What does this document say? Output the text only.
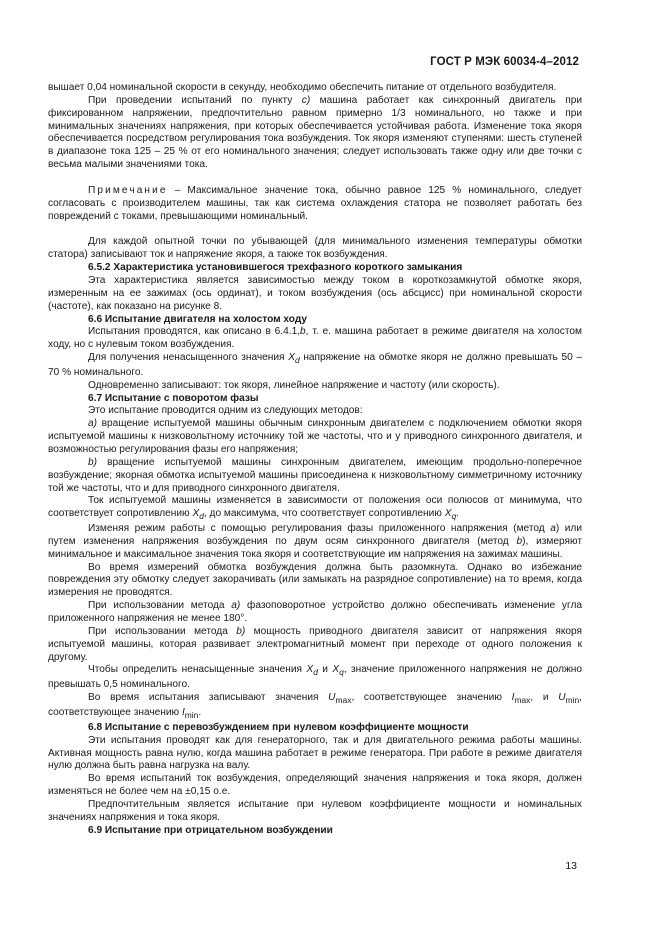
ГОСТ Р МЭК 60034-4–2012

вышает 0,04 номинальной скорости в секунду, необходимо обеспечить питание от отдельного возбудителя.

При проведении испытаний по пункту c) машина работает как синхронный двигатель при фиксированном напряжении, предпочтительно равном примерно 1/3 номинального, но также и при минимальных значениях напряжения, при которых обеспечивается устойчивая работа. Изменение тока якоря обеспечивается посредством регулирования тока возбуждения. Ток якоря изменяют ступенями: шесть ступеней в диапазоне тока 125 – 25 % от его номинального значения; следует использовать также одну или две точки с весьма малыми значениями тока.

Примечание – Максимальное значение тока, обычно равное 125 % номинального, следует согласовать с производителем машины, так как система охлаждения статора не позволяет работать без повреждений с токами, превышающими номинальный.

Для каждой опытной точки по убывающей (для минимального изменения температуры обмотки статора) записывают ток и напряжение якоря, а также ток возбуждения.

6.5.2 Характеристика установившегося трехфазного короткого замыкания

Эта характеристика является зависимостью между током в короткозамкнутой обмотке якоря, измеренным на ее зажимах (ось ординат), и током возбуждения (ось абсцисс) при номинальной скорости (частоте), как показано на рисунке 8.

6.6 Испытание двигателя на холостом ходу

Испытания проводятся, как описано в 6.4.1,b, т. е. машина работает в режиме двигателя на холостом ходу, но с нулевым током возбуждения.

Для получения ненасыщенного значения $X_d$ напряжение на обмотке якоря не должно превышать 50 – 70 % номинального.

Одновременно записывают: ток якоря, линейное напряжение и частоту (или скорость).

6.7 Испытание с поворотом фазы

Это испытание проводится одним из следующих методов:

a) вращение испытуемой машины обычным синхронным двигателем с подключением обмотки якоря испытуемой машины к низковольтному источнику той же частоты, что и у приводного синхронного двигателя, и возможностью регулирования фазы его напряжения;

b) вращение испытуемой машины синхронным двигателем, имеющим продольно-поперечное возбуждение; якорная обмотка испытуемой машины присоединена к низковольтному симметричному источнику той же частоты, что и для приводного синхронного двигателя.

Ток испытуемой машины изменяется в зависимости от положения оси полюсов от минимума, что соответствует сопротивлению $X_d$, до максимума, что соответствует сопротивлению $X_q$.

Изменяя режим работы с помощью регулирования фазы приложенного напряжения (метод a) или путем изменения напряжения возбуждения по двум осям синхронного двигателя (метод b), измеряют минимальное и максимальное значения тока якоря и соответствующие им напряжения на зажимах машины.

Во время измерений обмотка возбуждения должна быть разомкнута. Однако во избежание повреждения эту обмотку следует закорачивать (или замыкать на разрядное сопротивление) на то время, когда измерения не проводятся.

При использовании метода a) фазоповоротное устройство должно обеспечивать изменение угла приложенного напряжения не менее 180°.

При использовании метода b) мощность приводного двигателя зависит от напряжения якоря испытуемой машины, которая развивает электромагнитный момент при переходе от одного положения к другому.

Чтобы определить ненасыщенные значения $X_d$ и $X_q$, значение приложенного напряжения не должно превышать 0,5 номинального.

Во время испытания записывают значения $U_{max}$, соответствующее значению $I_{max}$, и $U_{min}$, соответствующее значению $I_{min}$.

6.8 Испытание с перевозбуждением при нулевом коэффициенте мощности

Эти испытания проводят как для генераторного, так и для двигательного режима работы машины. Активная мощность равна нулю, когда машина работает в режиме генератора. При работе в режиме двигателя нулю должна быть равна нагрузка на валу.

Во время испытаний ток возбуждения, определяющий значения напряжения и тока якоря, должен изменяться не более чем на ±0,15 о.е.

Предпочтительным является испытание при нулевом коэффициенте мощности и номинальных значениях напряжения и тока якоря.

6.9 Испытание при отрицательном возбуждении

13
